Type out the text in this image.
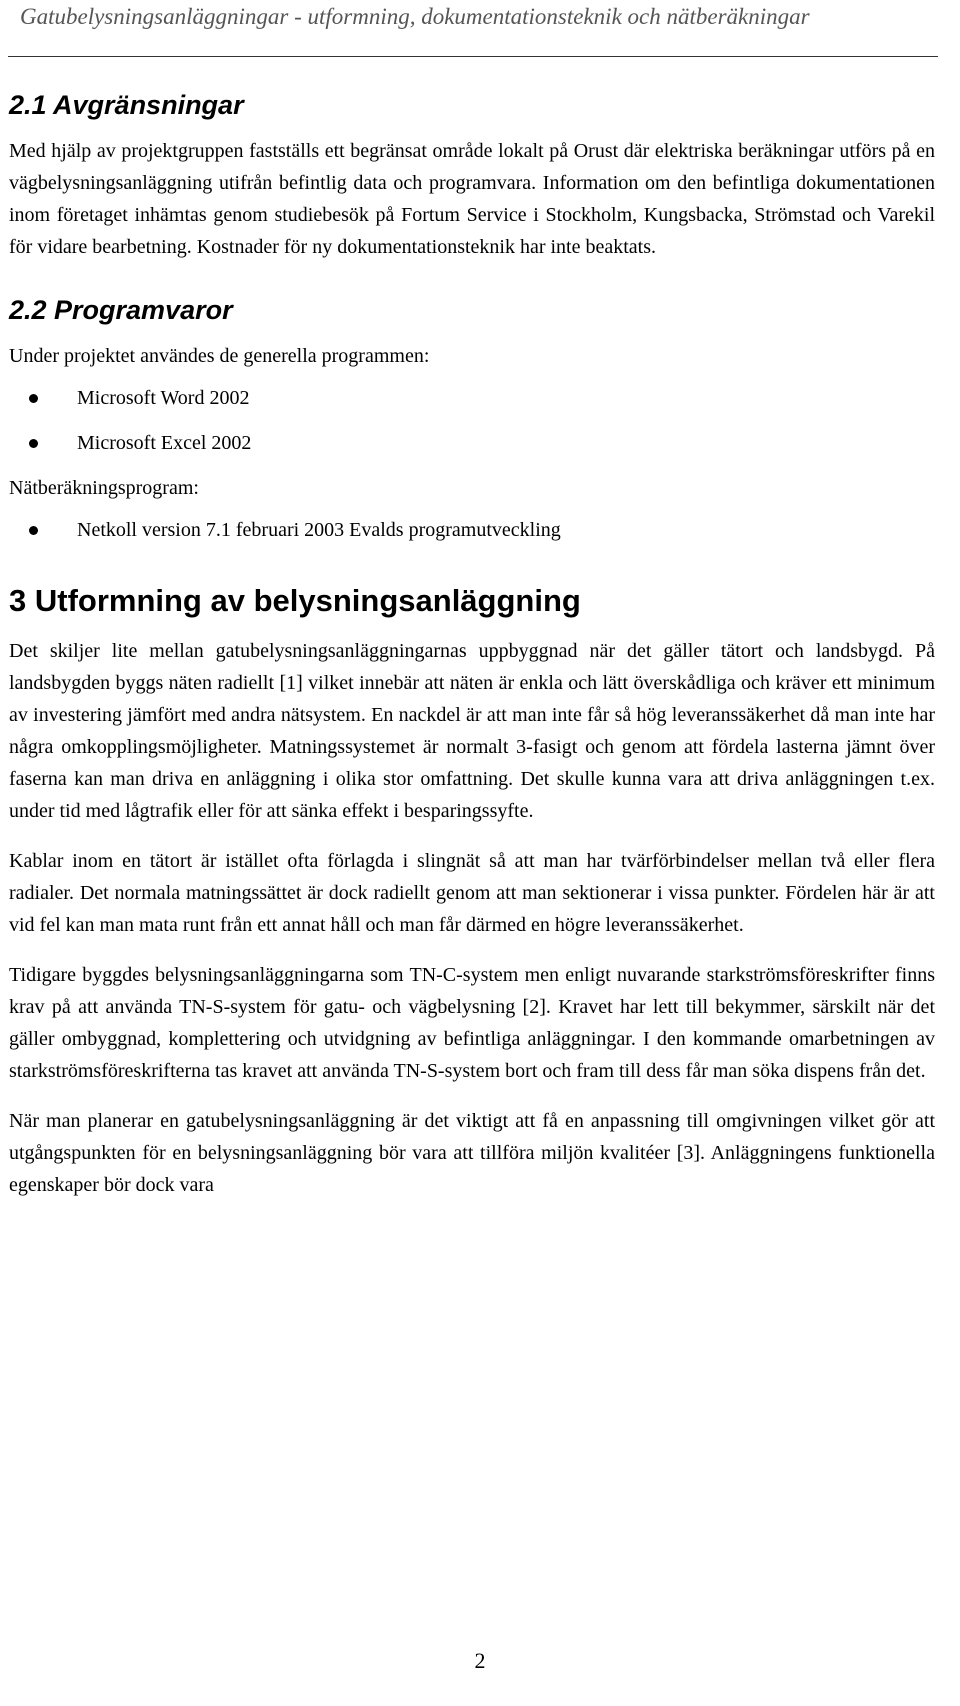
Gatubelysningsanläggningar - utformning, dokumentationsteknik och nätberäkningar
2.1 Avgränsningar

Med hjälp av projektgruppen fastställs ett begränsat område lokalt på Orust där elektriska beräkningar utförs på en vägbelysningsanläggning utifrån befintlig data och programvara. Information om den befintliga dokumentationen inom företaget inhämtas genom studiebesök på Fortum Service i Stockholm, Kungsbacka, Strömstad och Varekil för vidare bearbetning. Kostnader för ny dokumentationsteknik har inte beaktats.

2.2 Programvaror

Under projektet användes de generella programmen:

Microsoft Word 2002
Microsoft Excel 2002

Nätberäkningsprogram:

Netkoll version 7.1 februari 2003 Evalds programutveckling
3 Utformning av belysningsanläggning

Det skiljer lite mellan gatubelysningsanläggningarnas uppbyggnad när det gäller tätort och landsbygd. På landsbygden byggs näten radiellt [1] vilket innebär att näten är enkla och lätt överskådliga och kräver ett minimum av investering jämfört med andra nätsystem. En nackdel är att man inte får så hög leveranssäkerhet då man inte har några omkopplingsmöjligheter. Matningssystemet är normalt 3-fasigt och genom att fördela lasterna jämnt över faserna kan man driva en anläggning i olika stor omfattning. Det skulle kunna vara att driva anläggningen t.ex. under tid med lågtrafik eller för att sänka effekt i besparingssyfte.

Kablar inom en tätort är istället ofta förlagda i slingnät så att man har tvärförbindelser mellan två eller flera radialer. Det normala matningssättet är dock radiellt genom att man sektionerar i vissa punkter. Fördelen här är att vid fel kan man mata runt från ett annat håll och man får därmed en högre leveranssäkerhet.

Tidigare byggdes belysningsanläggningarna som TN-C-system men enligt nuvarande starkströmsföreskrifter finns krav på att använda TN-S-system för gatu- och vägbelysning [2]. Kravet har lett till bekymmer, särskilt när det gäller ombyggnad, komplettering och utvidgning av befintliga anläggningar. I den kommande omarbetningen av starkströmsföreskrifterna tas kravet att använda TN-S-system bort och fram till dess får man söka dispens från det.

När man planerar en gatubelysningsanläggning är det viktigt att få en anpassning till omgivningen vilket gör att utgångspunkten för en belysningsanläggning bör vara att tillföra miljön kvalitéer [3]. Anläggningens funktionella egenskaper bör dock vara

2
